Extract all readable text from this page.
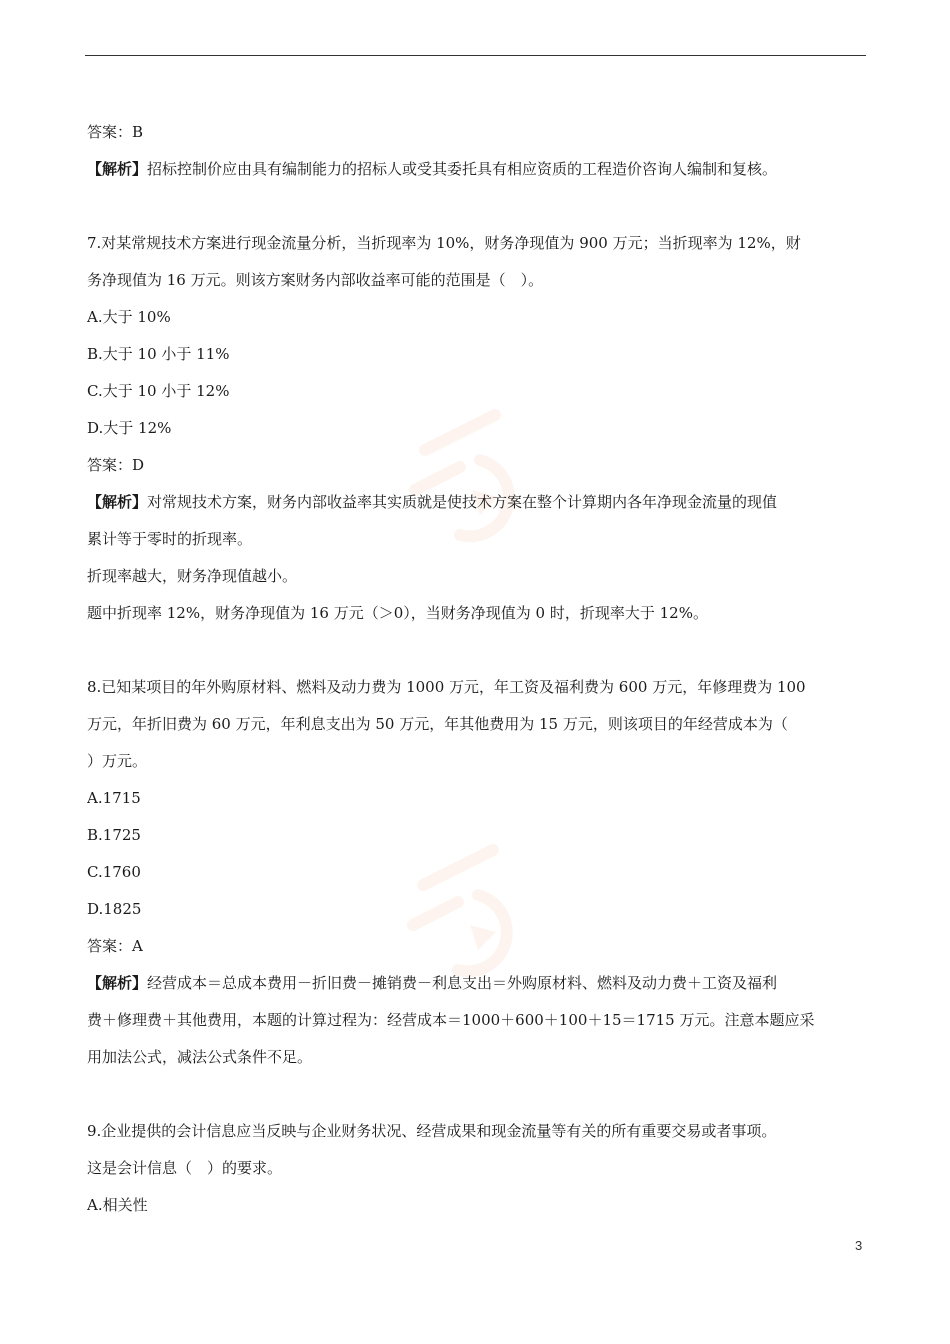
答案：B
【解析】招标控制价应由具有编制能力的招标人或受其委托具有相应资质的工程造价咨询人编制和复核。
7.对某常规技术方案进行现金流量分析，当折现率为 10%，财务净现值为 900 万元；当折现率为 12%，财
务净现值为 16 万元。则该方案财务内部收益率可能的范围是（　）。
A.大于 10%
B.大于 10 小于 11%
C.大于 10 小于 12%
D.大于 12%
答案：D
【解析】对常规技术方案，财务内部收益率其实质就是使技术方案在整个计算期内各年净现金流量的现值
累计等于零时的折现率。
折现率越大，财务净现值越小。
题中折现率 12%，财务净现值为 16 万元（＞0），当财务净现值为 0 时，折现率大于 12%。
8.已知某项目的年外购原材料、燃料及动力费为 1000 万元，年工资及福利费为 600 万元，年修理费为 100
万元，年折旧费为 60 万元，年利息支出为 50 万元，年其他费用为 15 万元，则该项目的年经营成本为（
）万元。
A.1715
B.1725
C.1760
D.1825
答案：A
【解析】经营成本＝总成本费用－折旧费－摊销费－利息支出＝外购原材料、燃料及动力费＋工资及福利
费＋修理费＋其他费用，本题的计算过程为：经营成本＝1000＋600＋100＋15＝1715 万元。注意本题应采
用加法公式，减法公式条件不足。
9.企业提供的会计信息应当反映与企业财务状况、经营成果和现金流量等有关的所有重要交易或者事项。
这是会计信息（　）的要求。
A.相关性
3
